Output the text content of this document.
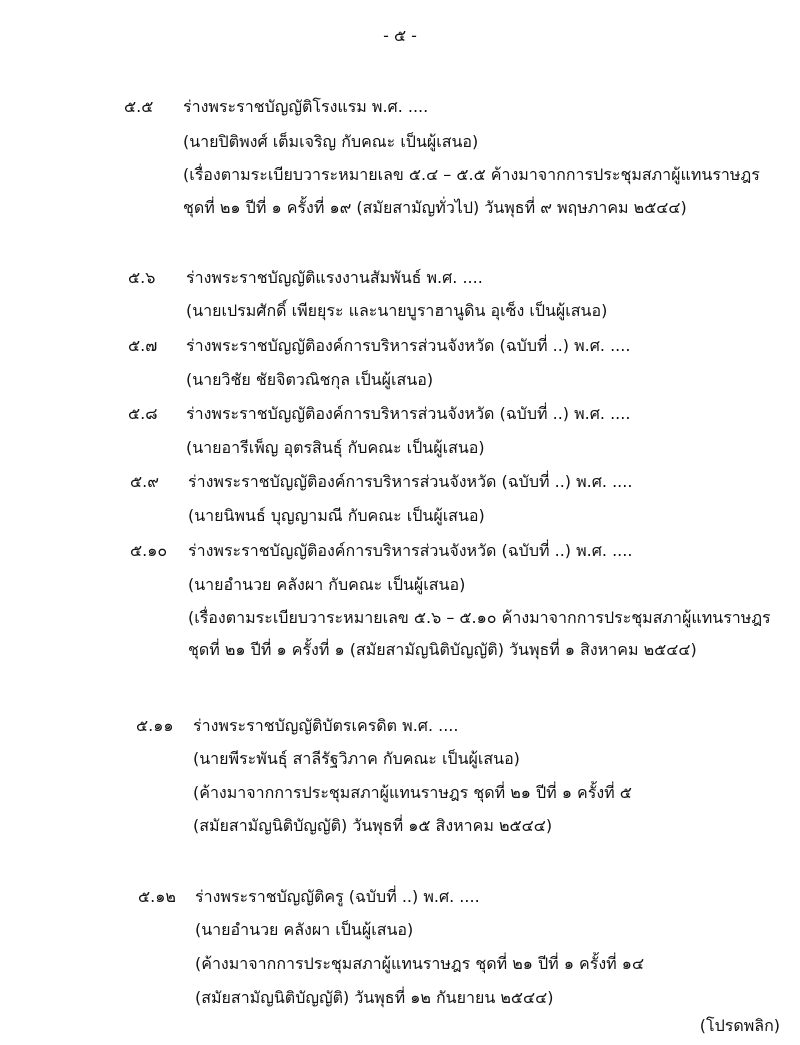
- ๕ -
๕.๕ ร่างพระราชบัญญัติโรงแรม พ.ศ. ....
(นายปิติพงศ์ เต็มเจริญ กับคณะ เป็นผู้เสนอ)
(เรื่องตามระเบียบวาระหมายเลข ๕.๔ – ๕.๕ ค้างมาจากการประชุมสภาผู้แทนราษฎร
ชุดที่ ๒๑ ปีที่ ๑ ครั้งที่ ๑๙ (สมัยสามัญทั่วไป) วันพุธที่ ๙ พฤษภาคม ๒๕๔๔)
๕.๖ ร่างพระราชบัญญัติแรงงานสัมพันธ์ พ.ศ. ....
(นายเปรมศักดิ์ เพียยุระ และนายบูราฮานูดิน อุเซ็ง เป็นผู้เสนอ)
๕.๗ ร่างพระราชบัญญัติองค์การบริหารส่วนจังหวัด (ฉบับที่ ..) พ.ศ. ....
(นายวิชัย ชัยจิตวณิชกุล เป็นผู้เสนอ)
๕.๘ ร่างพระราชบัญญัติองค์การบริหารส่วนจังหวัด (ฉบับที่ ..) พ.ศ. ....
(นายอารีเพ็ญ อุตรสินธุ์ กับคณะ เป็นผู้เสนอ)
๕.๙ ร่างพระราชบัญญัติองค์การบริหารส่วนจังหวัด (ฉบับที่ ..) พ.ศ. ....
(นายนิพนธ์ บุญญามณี กับคณะ เป็นผู้เสนอ)
๕.๑๐ ร่างพระราชบัญญัติองค์การบริหารส่วนจังหวัด (ฉบับที่ ..) พ.ศ. ....
(นายอำนวย คลังผา กับคณะ เป็นผู้เสนอ)
(เรื่องตามระเบียบวาระหมายเลข ๕.๖ – ๕.๑๐ ค้างมาจากการประชุมสภาผู้แทนราษฎร
ชุดที่ ๒๑ ปีที่ ๑ ครั้งที่ ๑ (สมัยสามัญนิติบัญญัติ) วันพุธที่ ๑ สิงหาคม ๒๕๔๔)
๕.๑๑ ร่างพระราชบัญญัติบัตรเครดิต พ.ศ. ....
(นายพีระพันธุ์ สาลีรัฐวิภาค กับคณะ เป็นผู้เสนอ)
(ค้างมาจากการประชุมสภาผู้แทนราษฎร ชุดที่ ๒๑ ปีที่ ๑ ครั้งที่ ๕
(สมัยสามัญนิติบัญญัติ) วันพุธที่ ๑๕ สิงหาคม ๒๕๔๔)
๕.๑๒ ร่างพระราชบัญญัติครู (ฉบับที่ ..) พ.ศ. ....
(นายอำนวย คลังผา เป็นผู้เสนอ)
(ค้างมาจากการประชุมสภาผู้แทนราษฎร ชุดที่ ๒๑ ปีที่ ๑ ครั้งที่ ๑๔
(สมัยสามัญนิติบัญญัติ) วันพุธที่ ๑๒ กันยายน ๒๕๔๔)
(โปรดพลิก)
